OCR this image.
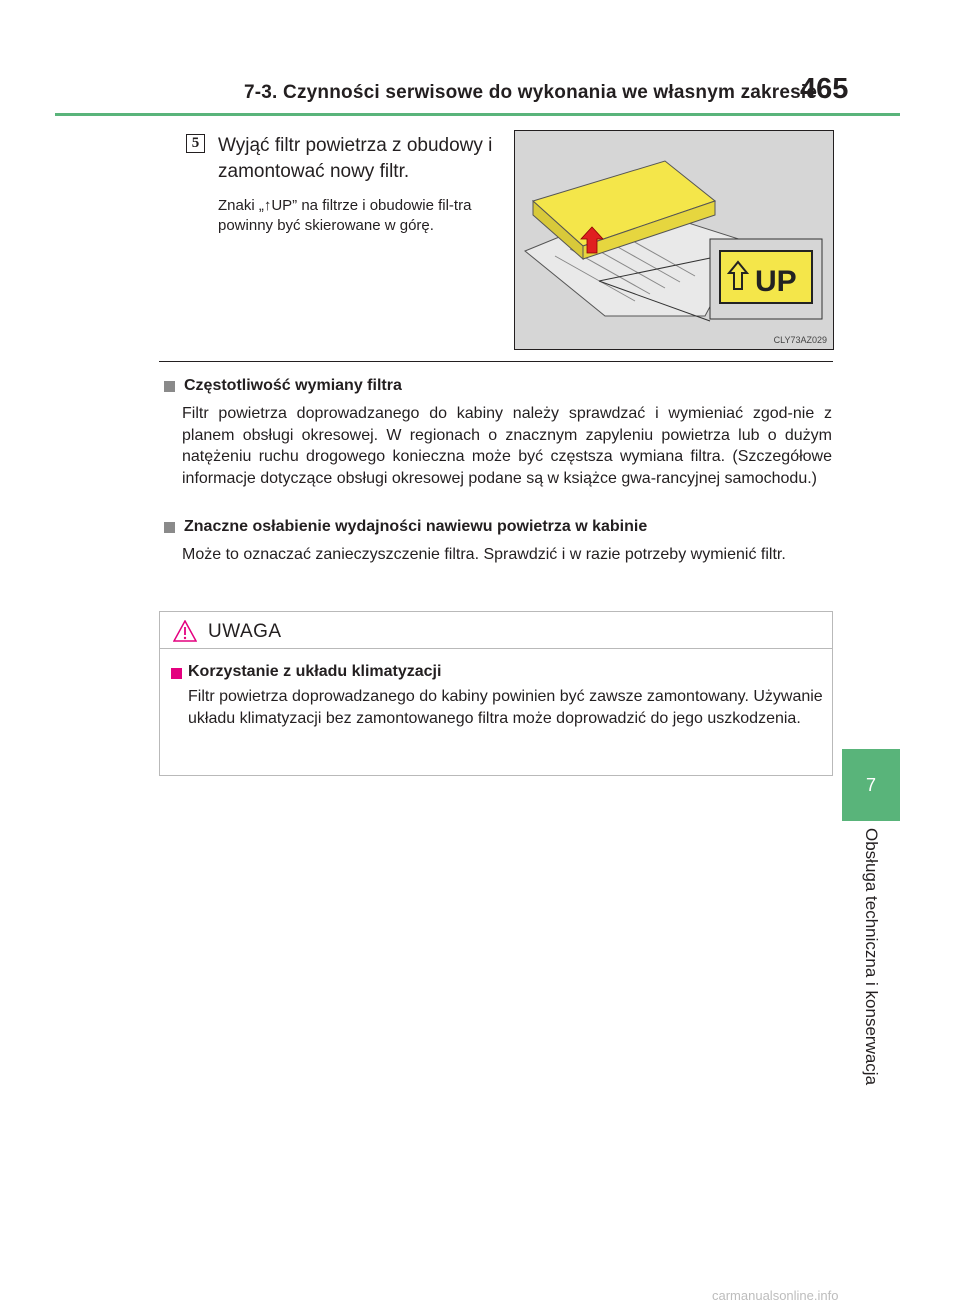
7-3. Czynności serwisowe do wykonania we własnym zakresie
465
5 Wyjąć filtr powietrza z obudowy i zamontować nowy filtr.
Znaki „↑UP” na filtrze i obudowie fil-tra powinny być skierowane w górę.
UP
CLY73AZ029
Częstotliwość wymiany filtra
Filtr powietrza doprowadzanego do kabiny należy sprawdzać i wymieniać zgod-nie z planem obsługi okresowej. W regionach o znacznym zapyleniu powietrza lub o dużym natężeniu ruchu drogowego konieczna może być częstsza wymiana filtra. (Szczegółowe informacje dotyczące obsługi okresowej podane są w książce gwa-rancyjnej samochodu.)
Znaczne osłabienie wydajności nawiewu powietrza w kabinie
Może to oznaczać zanieczyszczenie filtra. Sprawdzić i w razie potrzeby wymienić filtr.
UWAGA
Korzystanie z układu klimatyzacji
Filtr powietrza doprowadzanego do kabiny powinien być zawsze zamontowany. Używanie układu klimatyzacji bez zamontowanego filtra może doprowadzić do jego uszkodzenia.
7
Obsługa techniczna i konserwacja
carmanualsonline.info
